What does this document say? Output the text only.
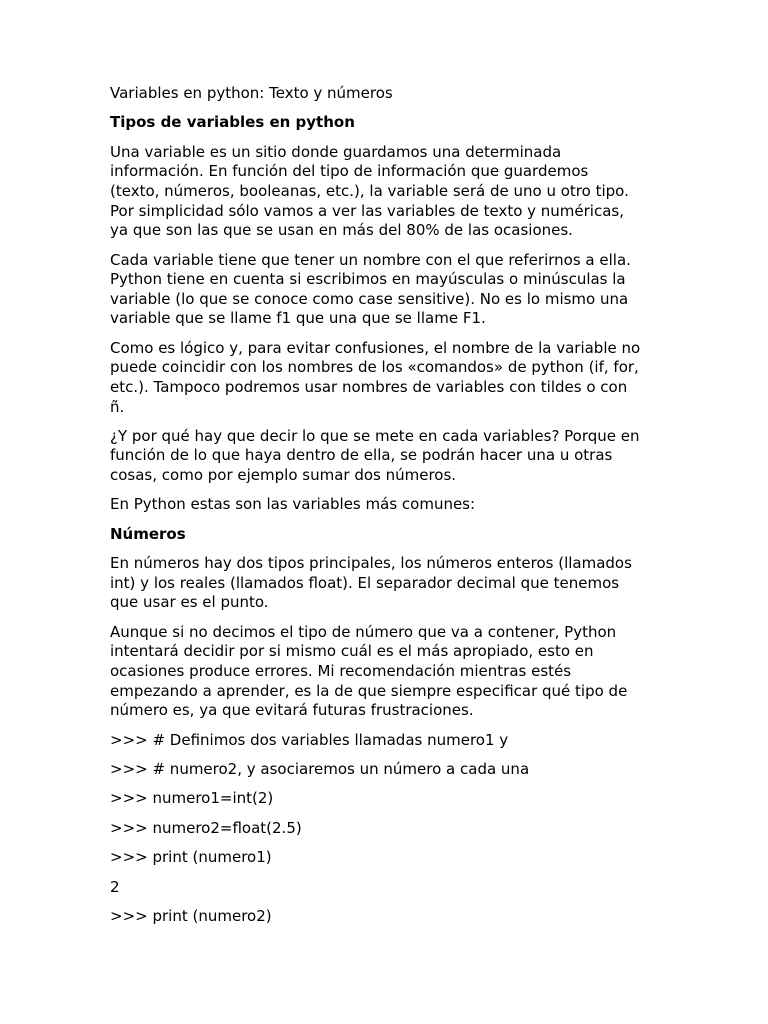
Variables en python: Texto y números
Tipos de variables en python
Una variable es un sitio donde guardamos una determinada
información. En función del tipo de información que guardemos
(texto, números, booleanas, etc.), la variable será de uno u otro tipo.
Por simplicidad sólo vamos a ver las variables de texto y numéricas,
ya que son las que se usan en más del 80% de las ocasiones.
Cada variable tiene que tener un nombre con el que referirnos a ella.
Python tiene en cuenta si escribimos en mayúsculas o minúsculas la
variable (lo que se conoce como case sensitive). No es lo mismo una
variable que se llame f1 que una que se llame F1.
Como es lógico y, para evitar confusiones, el nombre de la variable no
puede coincidir con los nombres de los «comandos» de python (if, for,
etc.). Tampoco podremos usar nombres de variables con tildes o con
ñ.
¿Y por qué hay que decir lo que se mete en cada variables? Porque en
función de lo que haya dentro de ella, se podrán hacer una u otras
cosas, como por ejemplo sumar dos números.
En Python estas son las variables más comunes:
Números
En números hay dos tipos principales, los números enteros (llamados
int) y los reales (llamados float). El separador decimal que tenemos
que usar es el punto.
Aunque si no decimos el tipo de número que va a contener, Python
intentará decidir por si mismo cuál es el más apropiado, esto en
ocasiones produce errores. Mi recomendación mientras estés
empezando a aprender, es la de que siempre especificar qué tipo de
número es, ya que evitará futuras frustraciones.
>>> # Definimos dos variables llamadas numero1 y
>>> # numero2, y asociaremos un número a cada una
>>> numero1=int(2)
>>> numero2=float(2.5)
>>> print (numero1)
2
>>> print (numero2)
